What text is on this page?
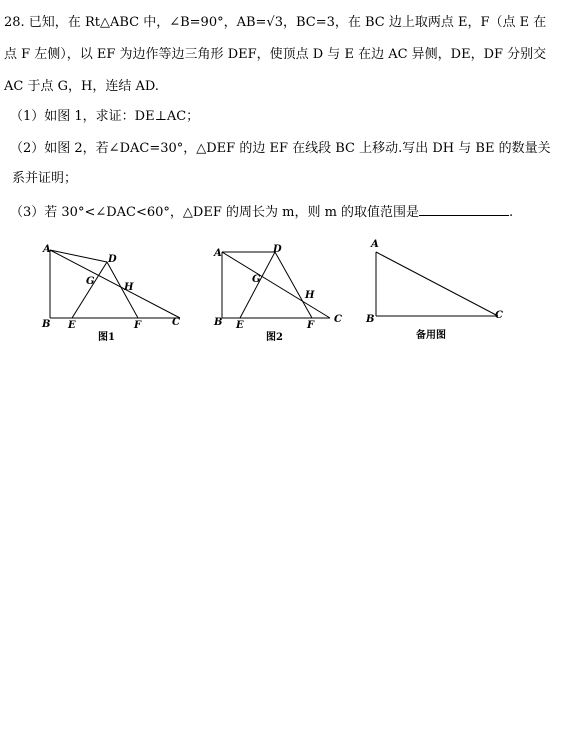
28. 已知，在 Rt△ABC 中，∠B=90°，AB=√3，BC=3，在 BC 边上取两点 E，F（点 E 在
点 F 左侧），以 EF 为边作等边三角形 DEF，使顶点 D 与 E 在边 AC 异侧，DE，DF 分别交
AC 于点 G，H，连结 AD.
（1）如图 1，求证：DE⊥AC；
（2）如图 2，若∠DAC=30°，△DEF 的边 EF 在线段 BC 上移动.写出 DH 与 BE 的数量关
系并证明；
（3）若 30°<∠DAC<60°，△DEF 的周长为 m，则 m 的取值范围是	.
A
B	C
D
E	F
G
H
A
B	C
D
E	F
G
H
A
B	C
图1	图2	备用图
